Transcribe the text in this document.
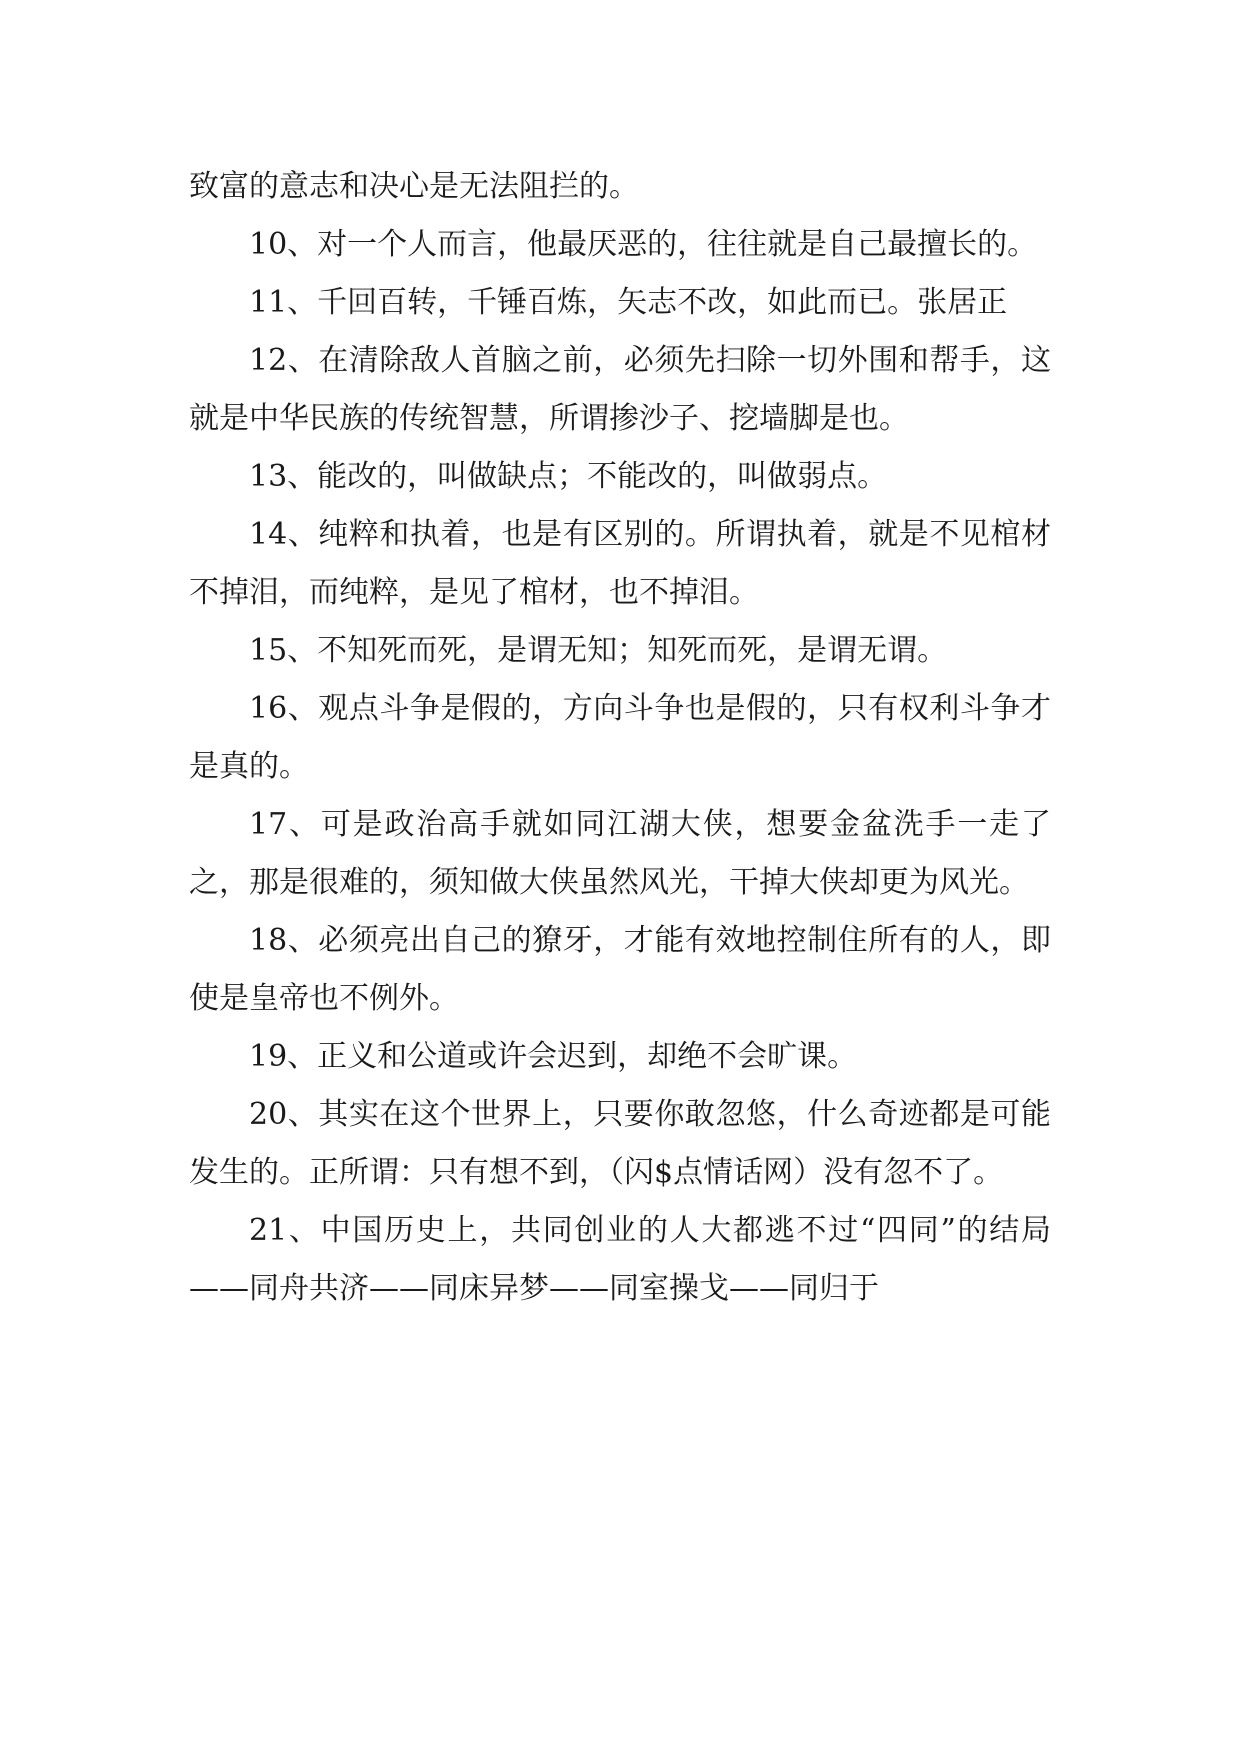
致富的意志和决心是无法阻拦的。

10、对一个人而言，他最厌恶的，往往就是自己最擅长的。

11、千回百转，千锤百炼，矢志不改，如此而已。张居正

12、在清除敌人首脑之前，必须先扫除一切外围和帮手，这就是中华民族的传统智慧，所谓掺沙子、挖墙脚是也。

13、能改的，叫做缺点；不能改的，叫做弱点。

14、纯粹和执着，也是有区别的。所谓执着，就是不见棺材不掉泪，而纯粹，是见了棺材，也不掉泪。

15、不知死而死，是谓无知；知死而死，是谓无谓。

16、观点斗争是假的，方向斗争也是假的，只有权利斗争才是真的。

17、可是政治高手就如同江湖大侠，想要金盆洗手一走了之，那是很难的，须知做大侠虽然风光，干掉大侠却更为风光。

18、必须亮出自己的獠牙，才能有效地控制住所有的人，即使是皇帝也不例外。

19、正义和公道或许会迟到，却绝不会旷课。

20、其实在这个世界上，只要你敢忽悠，什么奇迹都是可能发生的。正所谓：只有想不到，（闪$点情话网）没有忽不了。

21、中国历史上，共同创业的人大都逃不过“四同”的结局——同舟共济——同床异梦——同室操戈——同归于
